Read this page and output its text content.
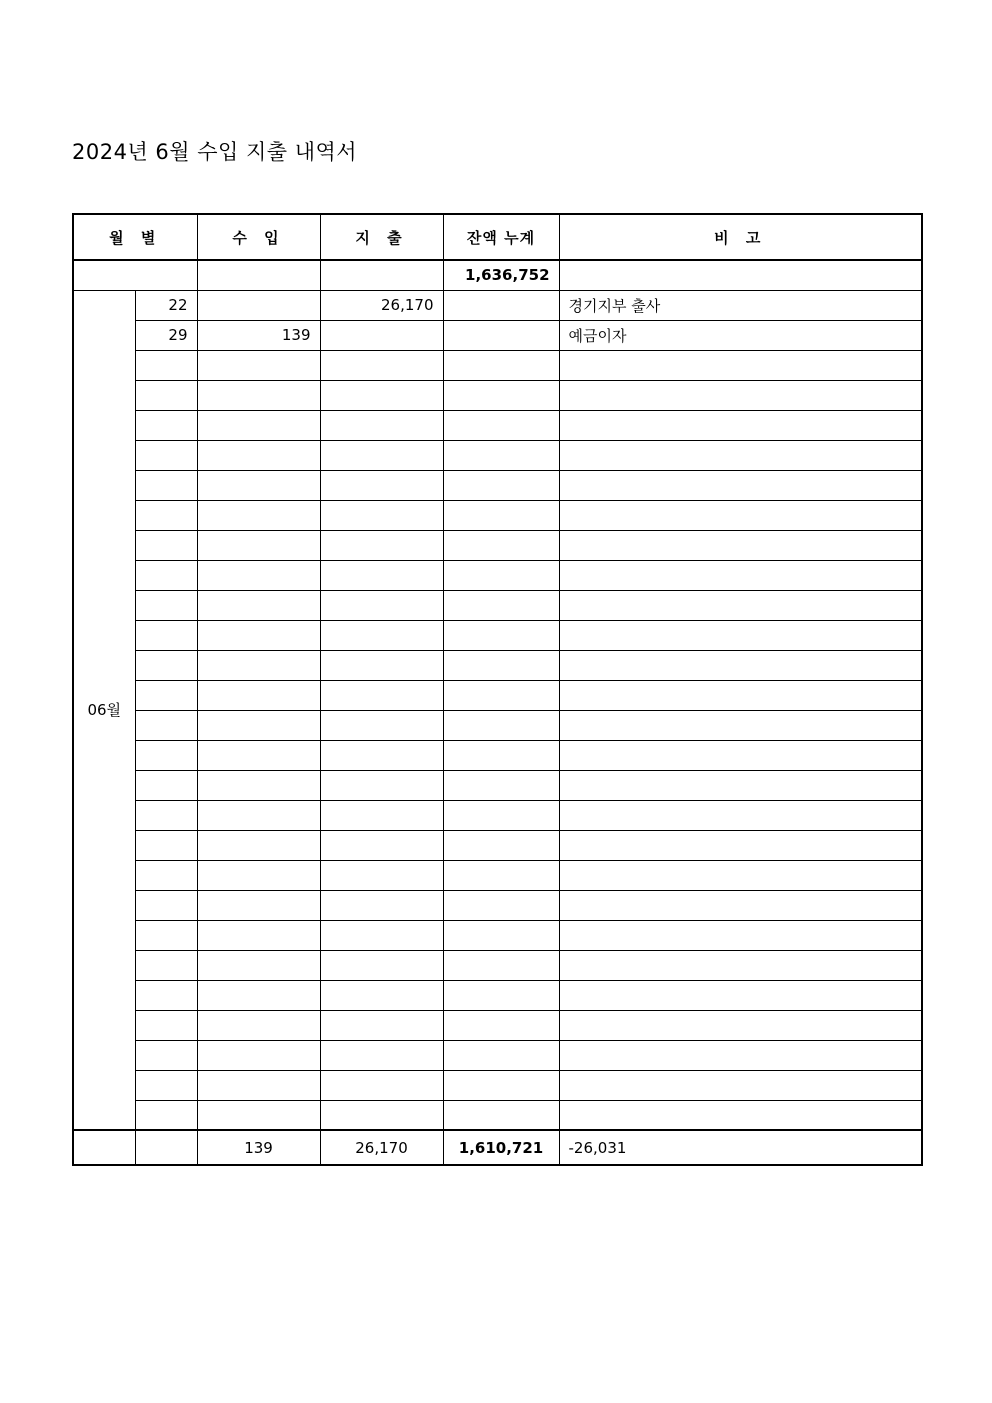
2024년 6월 수입 지출 내역서
월 별		수 입	지 출	잔액 누계	비 고
				1,636,752	
06월	22		26,170		경기지부 출사
	29	139			예금이자

		139	26,170	1,610,721	-26,031
